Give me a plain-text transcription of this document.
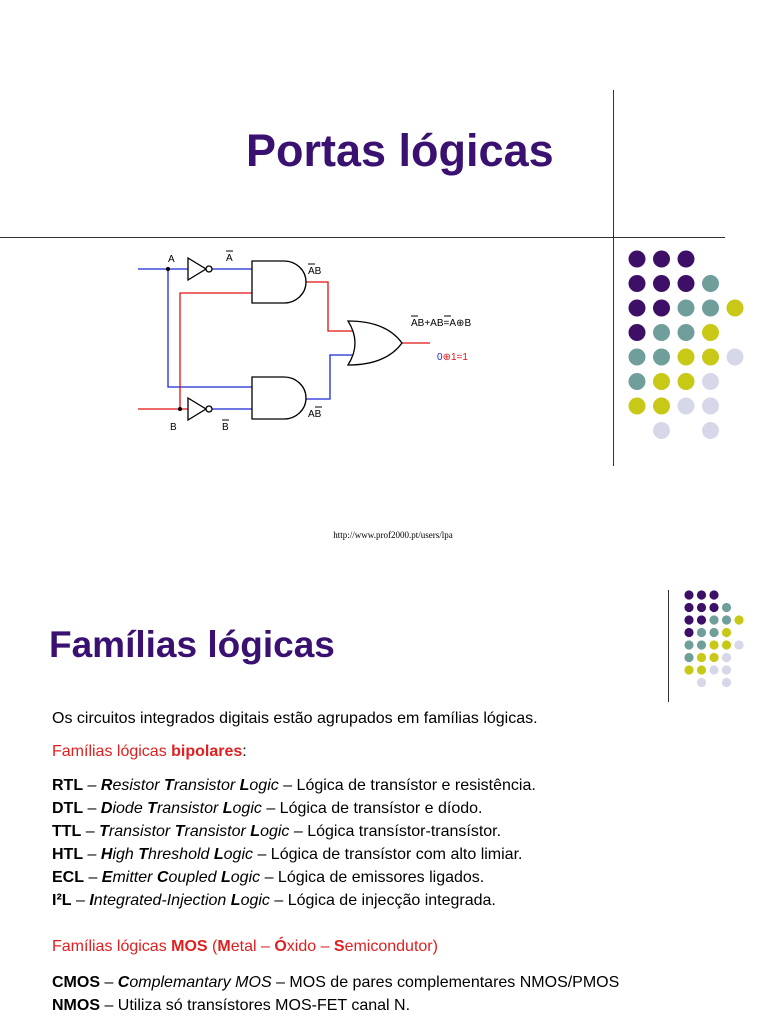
Portas lógicas
A
B
A
B
AB
AB
AB+AB=A⊕B
0⊕1=1
http://www.prof2000.pt/users/lpa
Famílias lógicas
Os circuitos integrados digitais estão agrupados em famílias lógicas.
Famílias lógicas bipolares:
RTL – Resistor Transistor Logic – Lógica de transístor e resistência.
DTL – Diode Transistor Logic – Lógica de transístor e díodo.
TTL – Transistor Transistor Logic – Lógica transístor-transístor.
HTL – High Threshold Logic – Lógica de transístor com alto limiar.
ECL – Emitter Coupled Logic – Lógica de emissores ligados.
I²L – Integrated-Injection Logic – Lógica de injecção integrada.
Famílias lógicas MOS (Metal – Óxido – Semicondutor)
CMOS – Complemantary MOS – MOS de pares complementares NMOS/PMOS
NMOS – Utiliza só transístores MOS-FET canal N.
